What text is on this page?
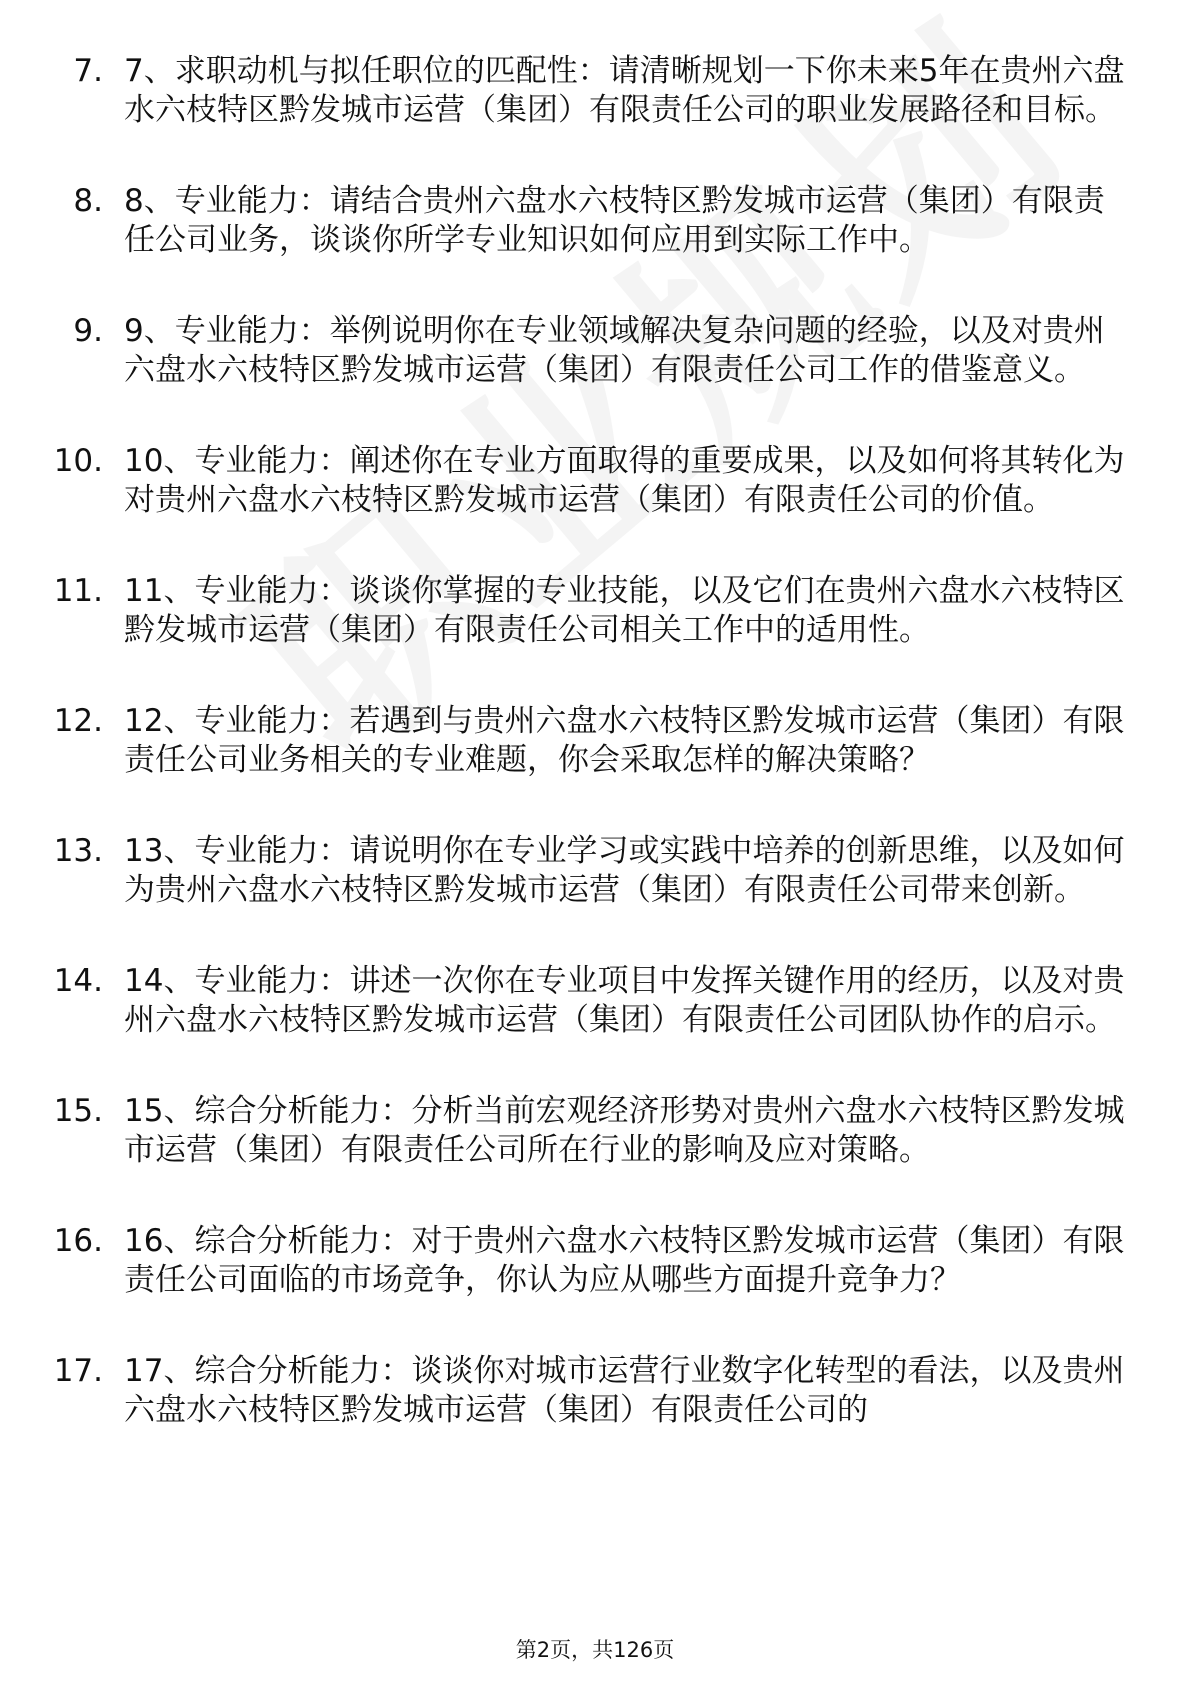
7. 7、求职动机与拟任职位的匹配性：请清晰规划一下你未来5年在贵州六盘水六枝特区黔发城市运营（集团）有限责任公司的职业发展路径和目标。
8. 8、专业能力：请结合贵州六盘水六枝特区黔发城市运营（集团）有限责任公司业务，谈谈你所学专业知识如何应用到实际工作中。
9. 9、专业能力：举例说明你在专业领域解决复杂问题的经验，以及对贵州六盘水六枝特区黔发城市运营（集团）有限责任公司工作的借鉴意义。
10. 10、专业能力：阐述你在专业方面取得的重要成果，以及如何将其转化为对贵州六盘水六枝特区黔发城市运营（集团）有限责任公司的价值。
11. 11、专业能力：谈谈你掌握的专业技能，以及它们在贵州六盘水六枝特区黔发城市运营（集团）有限责任公司相关工作中的适用性。
12. 12、专业能力：若遇到与贵州六盘水六枝特区黔发城市运营（集团）有限责任公司业务相关的专业难题，你会采取怎样的解决策略？
13. 13、专业能力：请说明你在专业学习或实践中培养的创新思维，以及如何为贵州六盘水六枝特区黔发城市运营（集团）有限责任公司带来创新。
14. 14、专业能力：讲述一次你在专业项目中发挥关键作用的经历，以及对贵州六盘水六枝特区黔发城市运营（集团）有限责任公司团队协作的启示。
15. 15、综合分析能力：分析当前宏观经济形势对贵州六盘水六枝特区黔发城市运营（集团）有限责任公司所在行业的影响及应对策略。
16. 16、综合分析能力：对于贵州六盘水六枝特区黔发城市运营（集团）有限责任公司面临的市场竞争，你认为应从哪些方面提升竞争力？
17. 17、综合分析能力：谈谈你对城市运营行业数字化转型的看法，以及贵州六盘水六枝特区黔发城市运营（集团）有限责任公司的
第2页，共126页
